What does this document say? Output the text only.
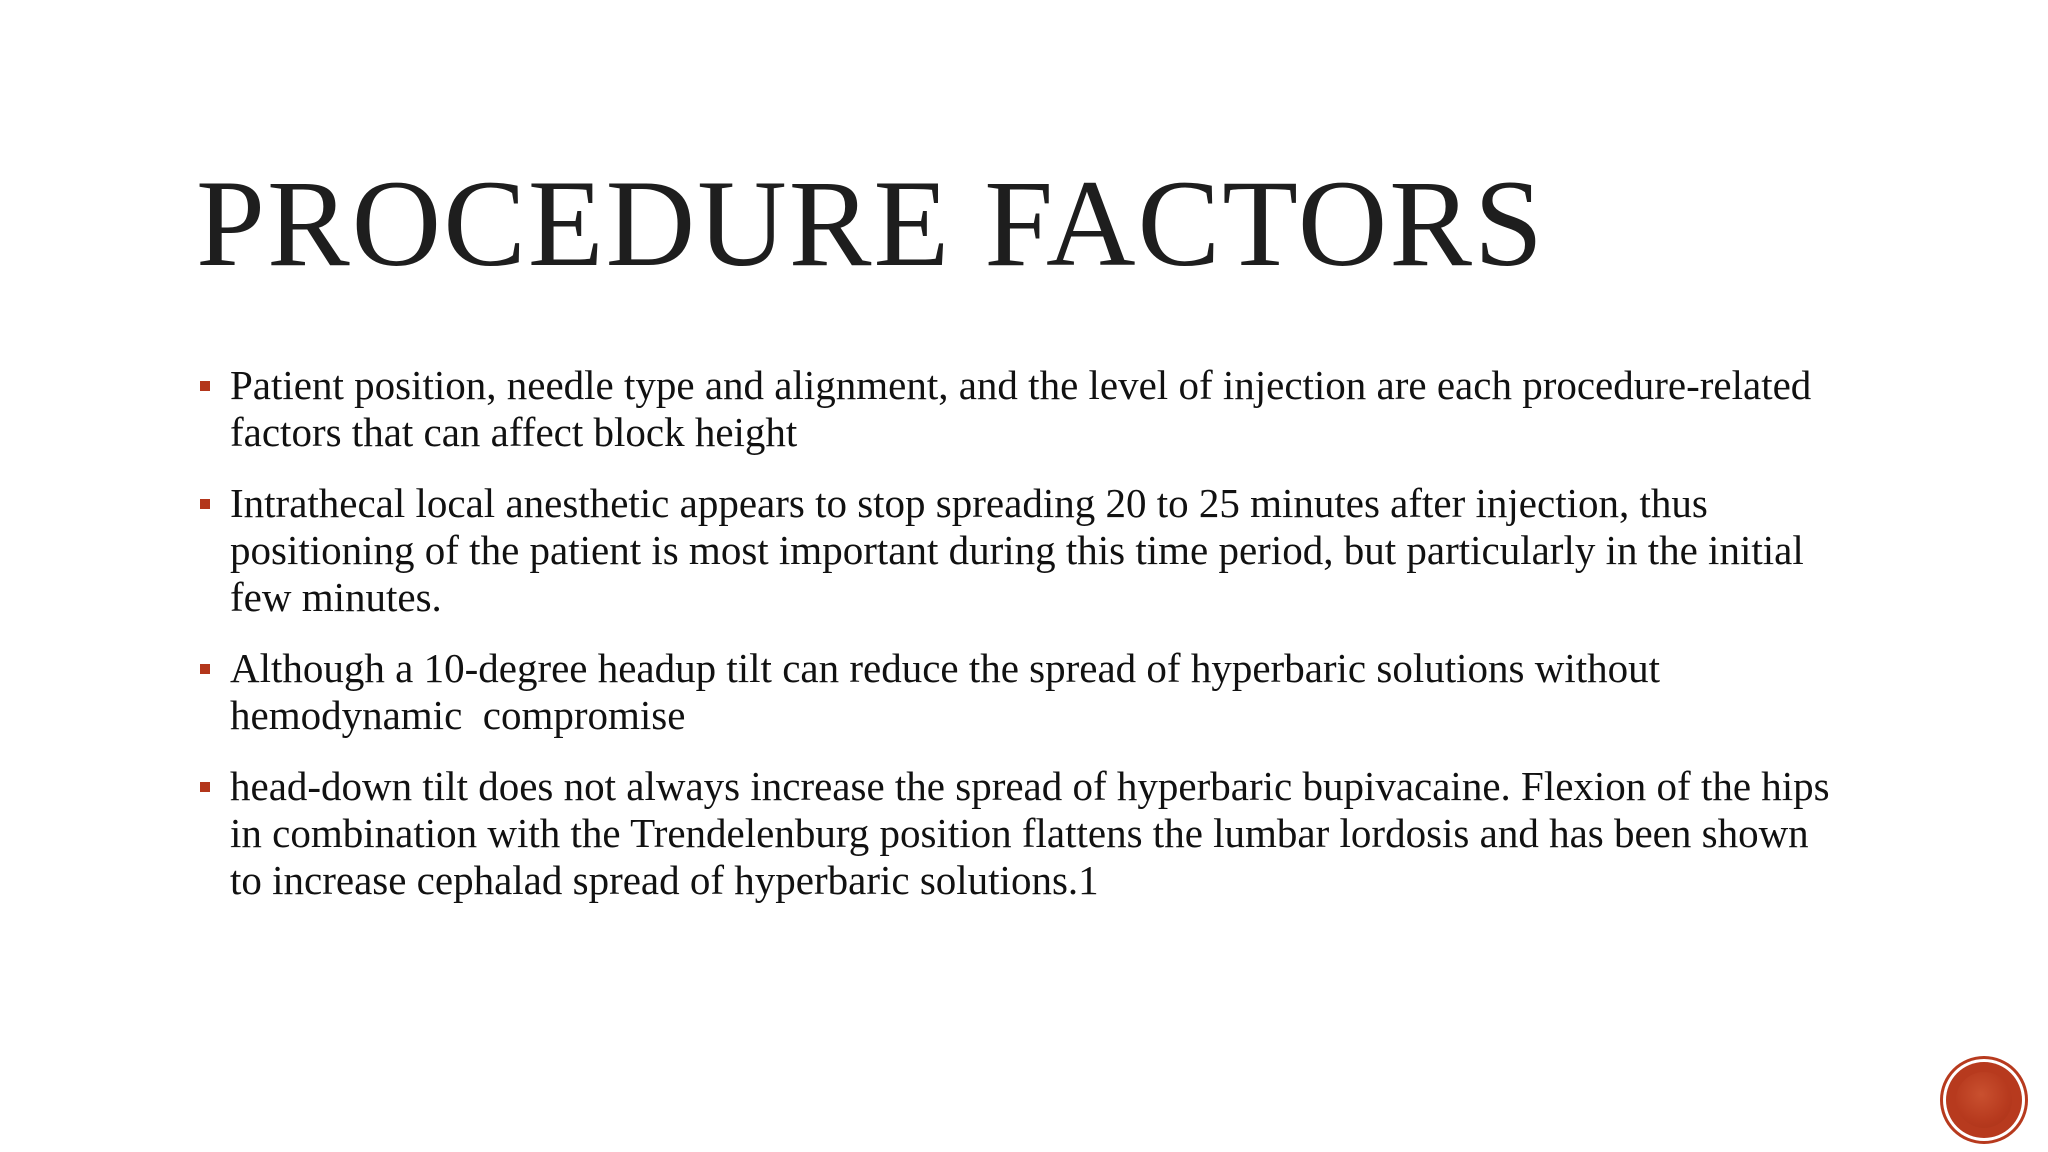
PROCEDURE FACTORS
Patient position, needle type and alignment, and the level of injection are each procedure-related factors that can affect block height
Intrathecal local anesthetic appears to stop spreading 20 to 25 minutes after injection, thus positioning of the patient is most important during this time period, but particularly in the initial few minutes.
Although a 10-degree headup tilt can reduce the spread of hyperbaric solutions without  hemodynamic  compromise
head-down tilt does not always increase the spread of hyperbaric bupivacaine. Flexion of the hips in combination with the Trendelenburg position flattens the lumbar lordosis and has been shown to increase cephalad spread of hyperbaric solutions.1
